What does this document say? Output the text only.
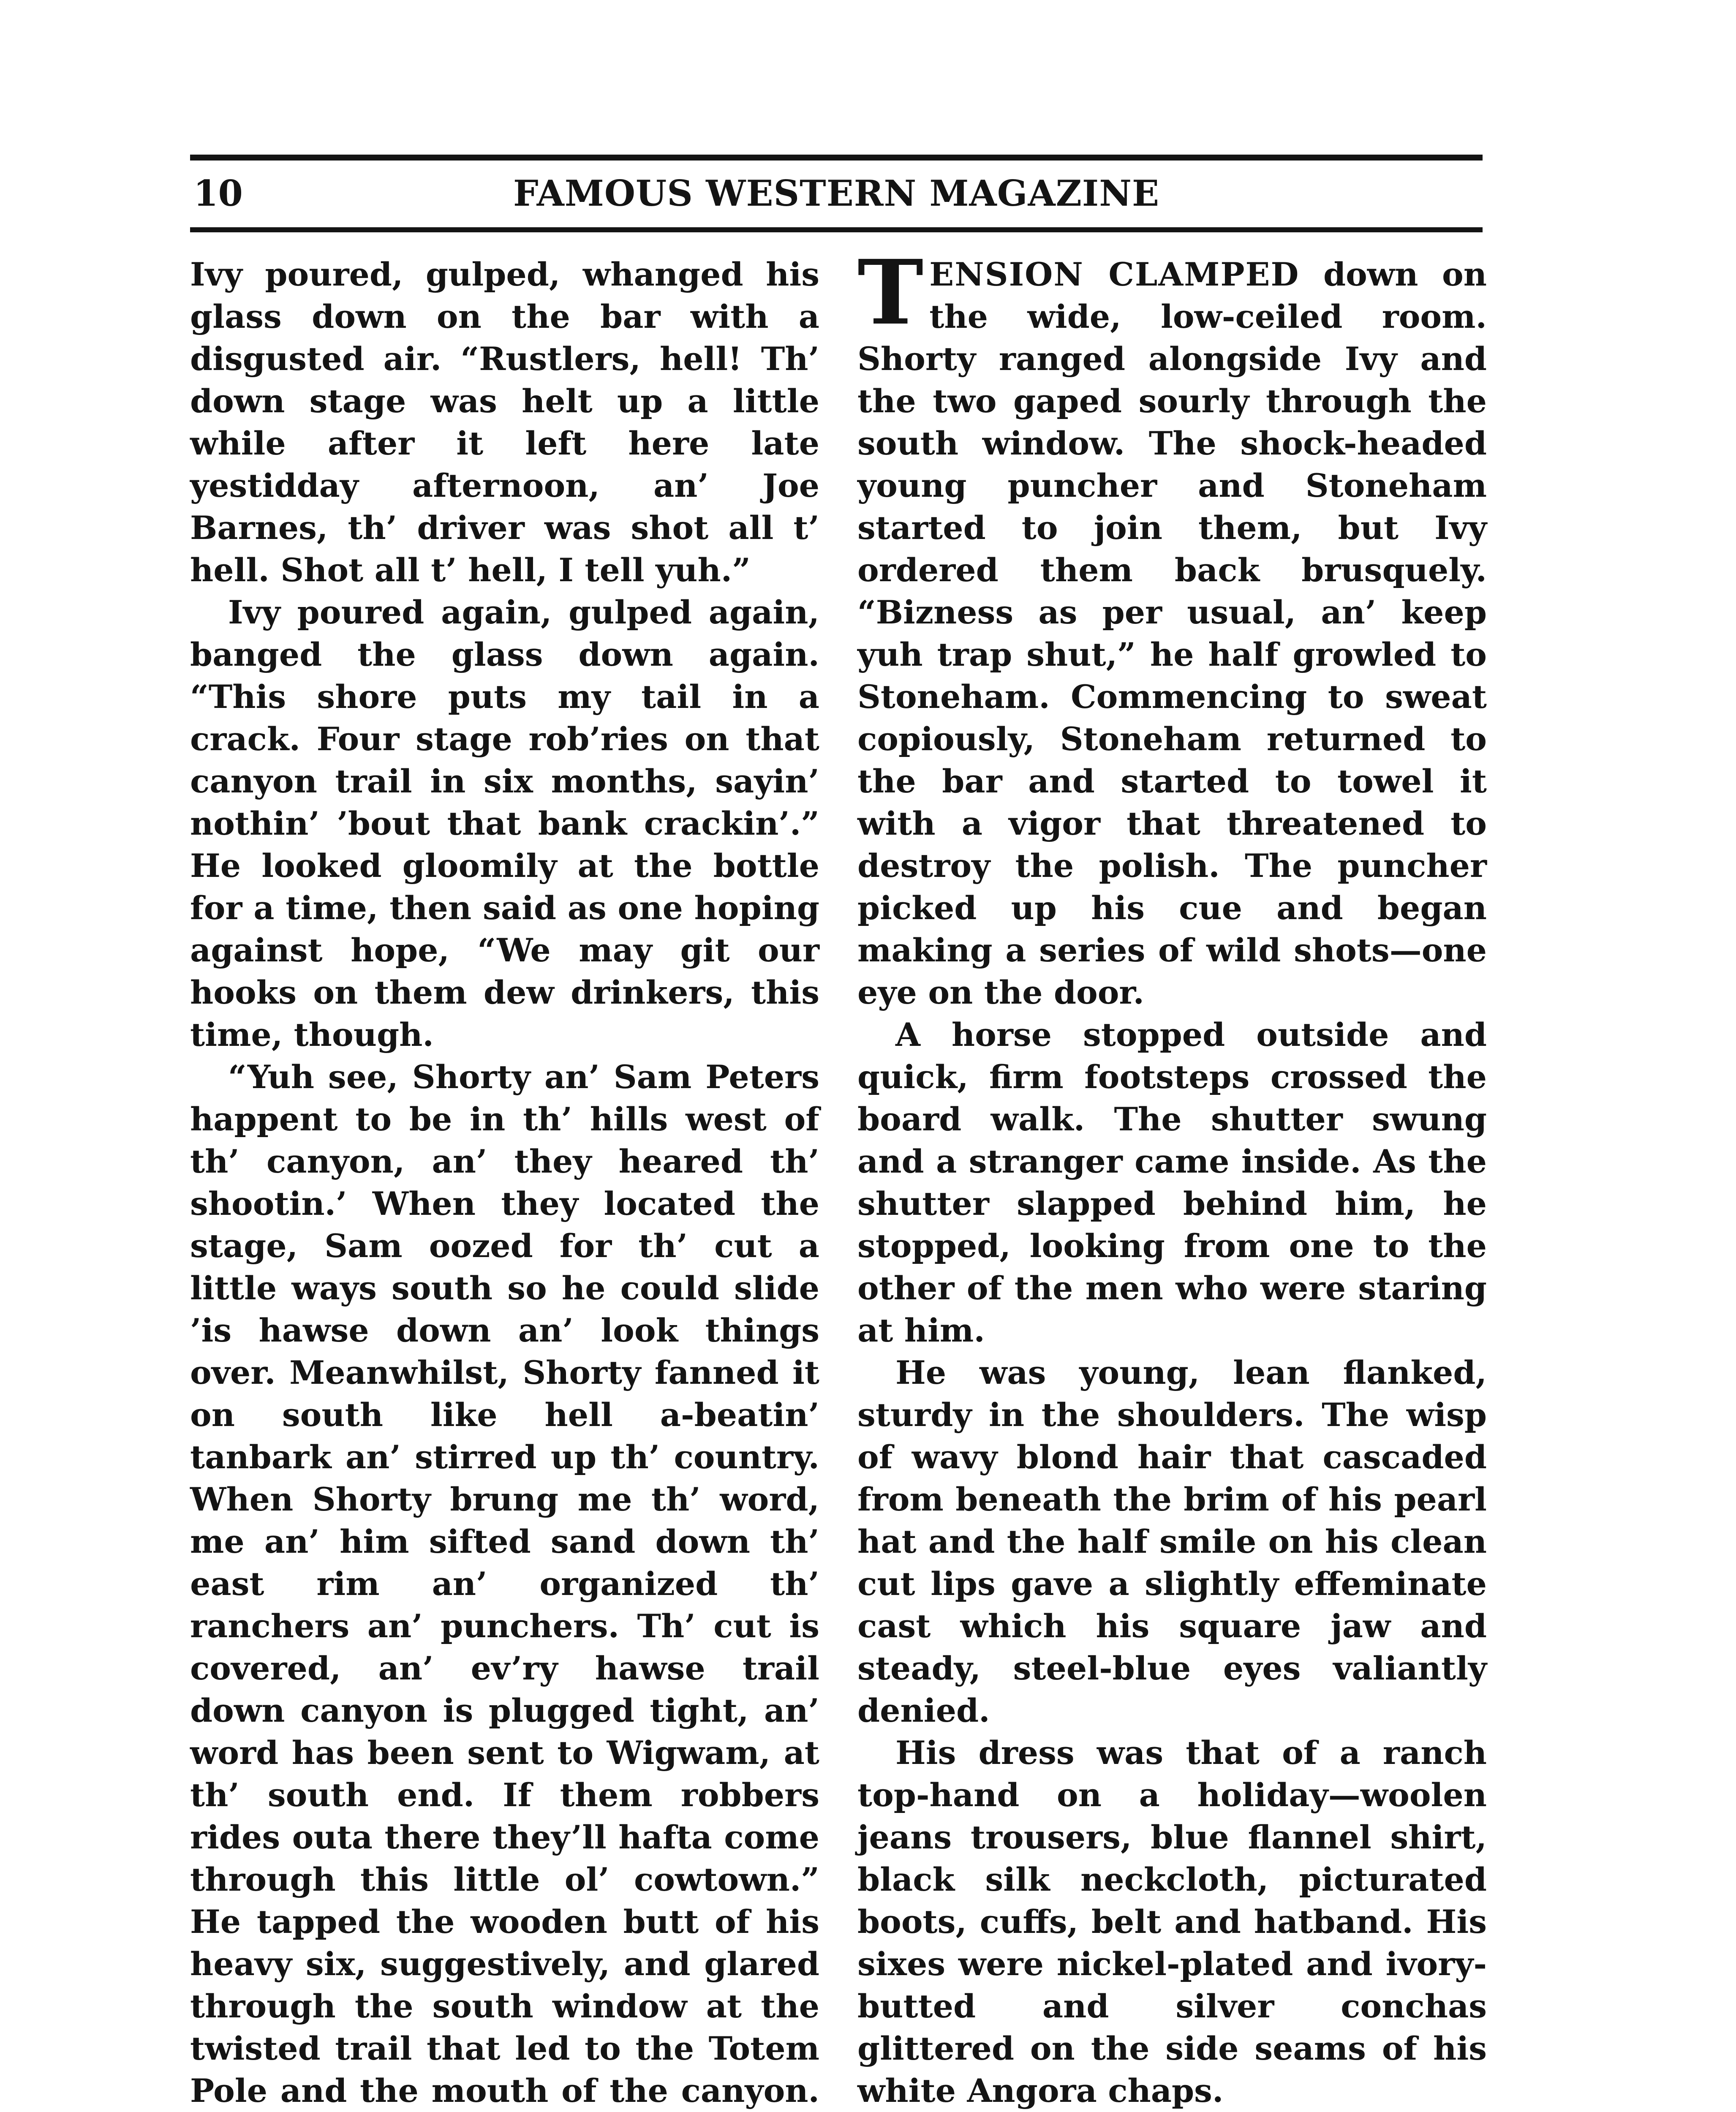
10	FAMOUS WESTERN MAGAZINE

Ivy poured, gulped, whanged his glass down on the bar with a disgusted air. “Rustlers, hell! Th’ down stage was helt up a little while after it left here late yestidday afternoon, an’ Joe Barnes, th’ driver was shot all t’ hell. Shot all t’ hell, I tell yuh.”

Ivy poured again, gulped again, banged the glass down again. “This shore puts my tail in a crack. Four stage rob’ries on that canyon trail in six months, sayin’ nothin’ ’bout that bank crackin’.” He looked gloomily at the bottle for a time, then said as one hoping against hope, “We may git our hooks on them dew drinkers, this time, though.

“Yuh see, Shorty an’ Sam Peters happent to be in th’ hills west of th’ canyon, an’ they heared th’ shootin.’ When they located the stage, Sam oozed for th’ cut a little ways south so he could slide ’is hawse down an’ look things over. Meanwhilst, Shorty fanned it on south like hell a-beatin’ tanbark an’ stirred up th’ country. When Shorty brung me th’ word, me an’ him sifted sand down th’ east rim an’ organized th’ ranchers an’ punchers. Th’ cut is covered, an’ ev’ry hawse trail down canyon is plugged tight, an’ word has been sent to Wigwam, at th’ south end. If them robbers rides outa there they’ll hafta come through this little ol’ cowtown.” He tapped the wooden butt of his heavy six, suggestively, and glared through the south window at the twisted trail that led to the Totem Pole and the mouth of the canyon.

TENSION CLAMPED down on the wide, low-ceiled room. Shorty ranged alongside Ivy and the two gaped sourly through the south window. The shock-headed young puncher and Stoneham started to join them, but Ivy ordered them back brusquely. “Bizness as per usual, an’ keep yuh trap shut,” he half growled to Stoneham. Commencing to sweat copiously, Stoneham returned to the bar and started to towel it with a vigor that threatened to destroy the polish. The puncher picked up his cue and began making a series of wild shots—one eye on the door.

A horse stopped outside and quick, firm footsteps crossed the board walk. The shutter swung and a stranger came inside. As the shutter slapped behind him, he stopped, looking from one to the other of the men who were staring at him.

He was young, lean flanked, sturdy in the shoulders. The wisp of wavy blond hair that cascaded from beneath the brim of his pearl hat and the half smile on his clean cut lips gave a slightly effeminate cast which his square jaw and steady, steel-blue eyes valiantly denied.

His dress was that of a ranch top-hand on a holiday—woolen jeans trousers, blue flannel shirt, black silk neckcloth, picturated boots, cuffs, belt and hatband. His sixes were nickel-plated and ivory-butted and silver conchas glittered on the side seams of his white Angora chaps.
